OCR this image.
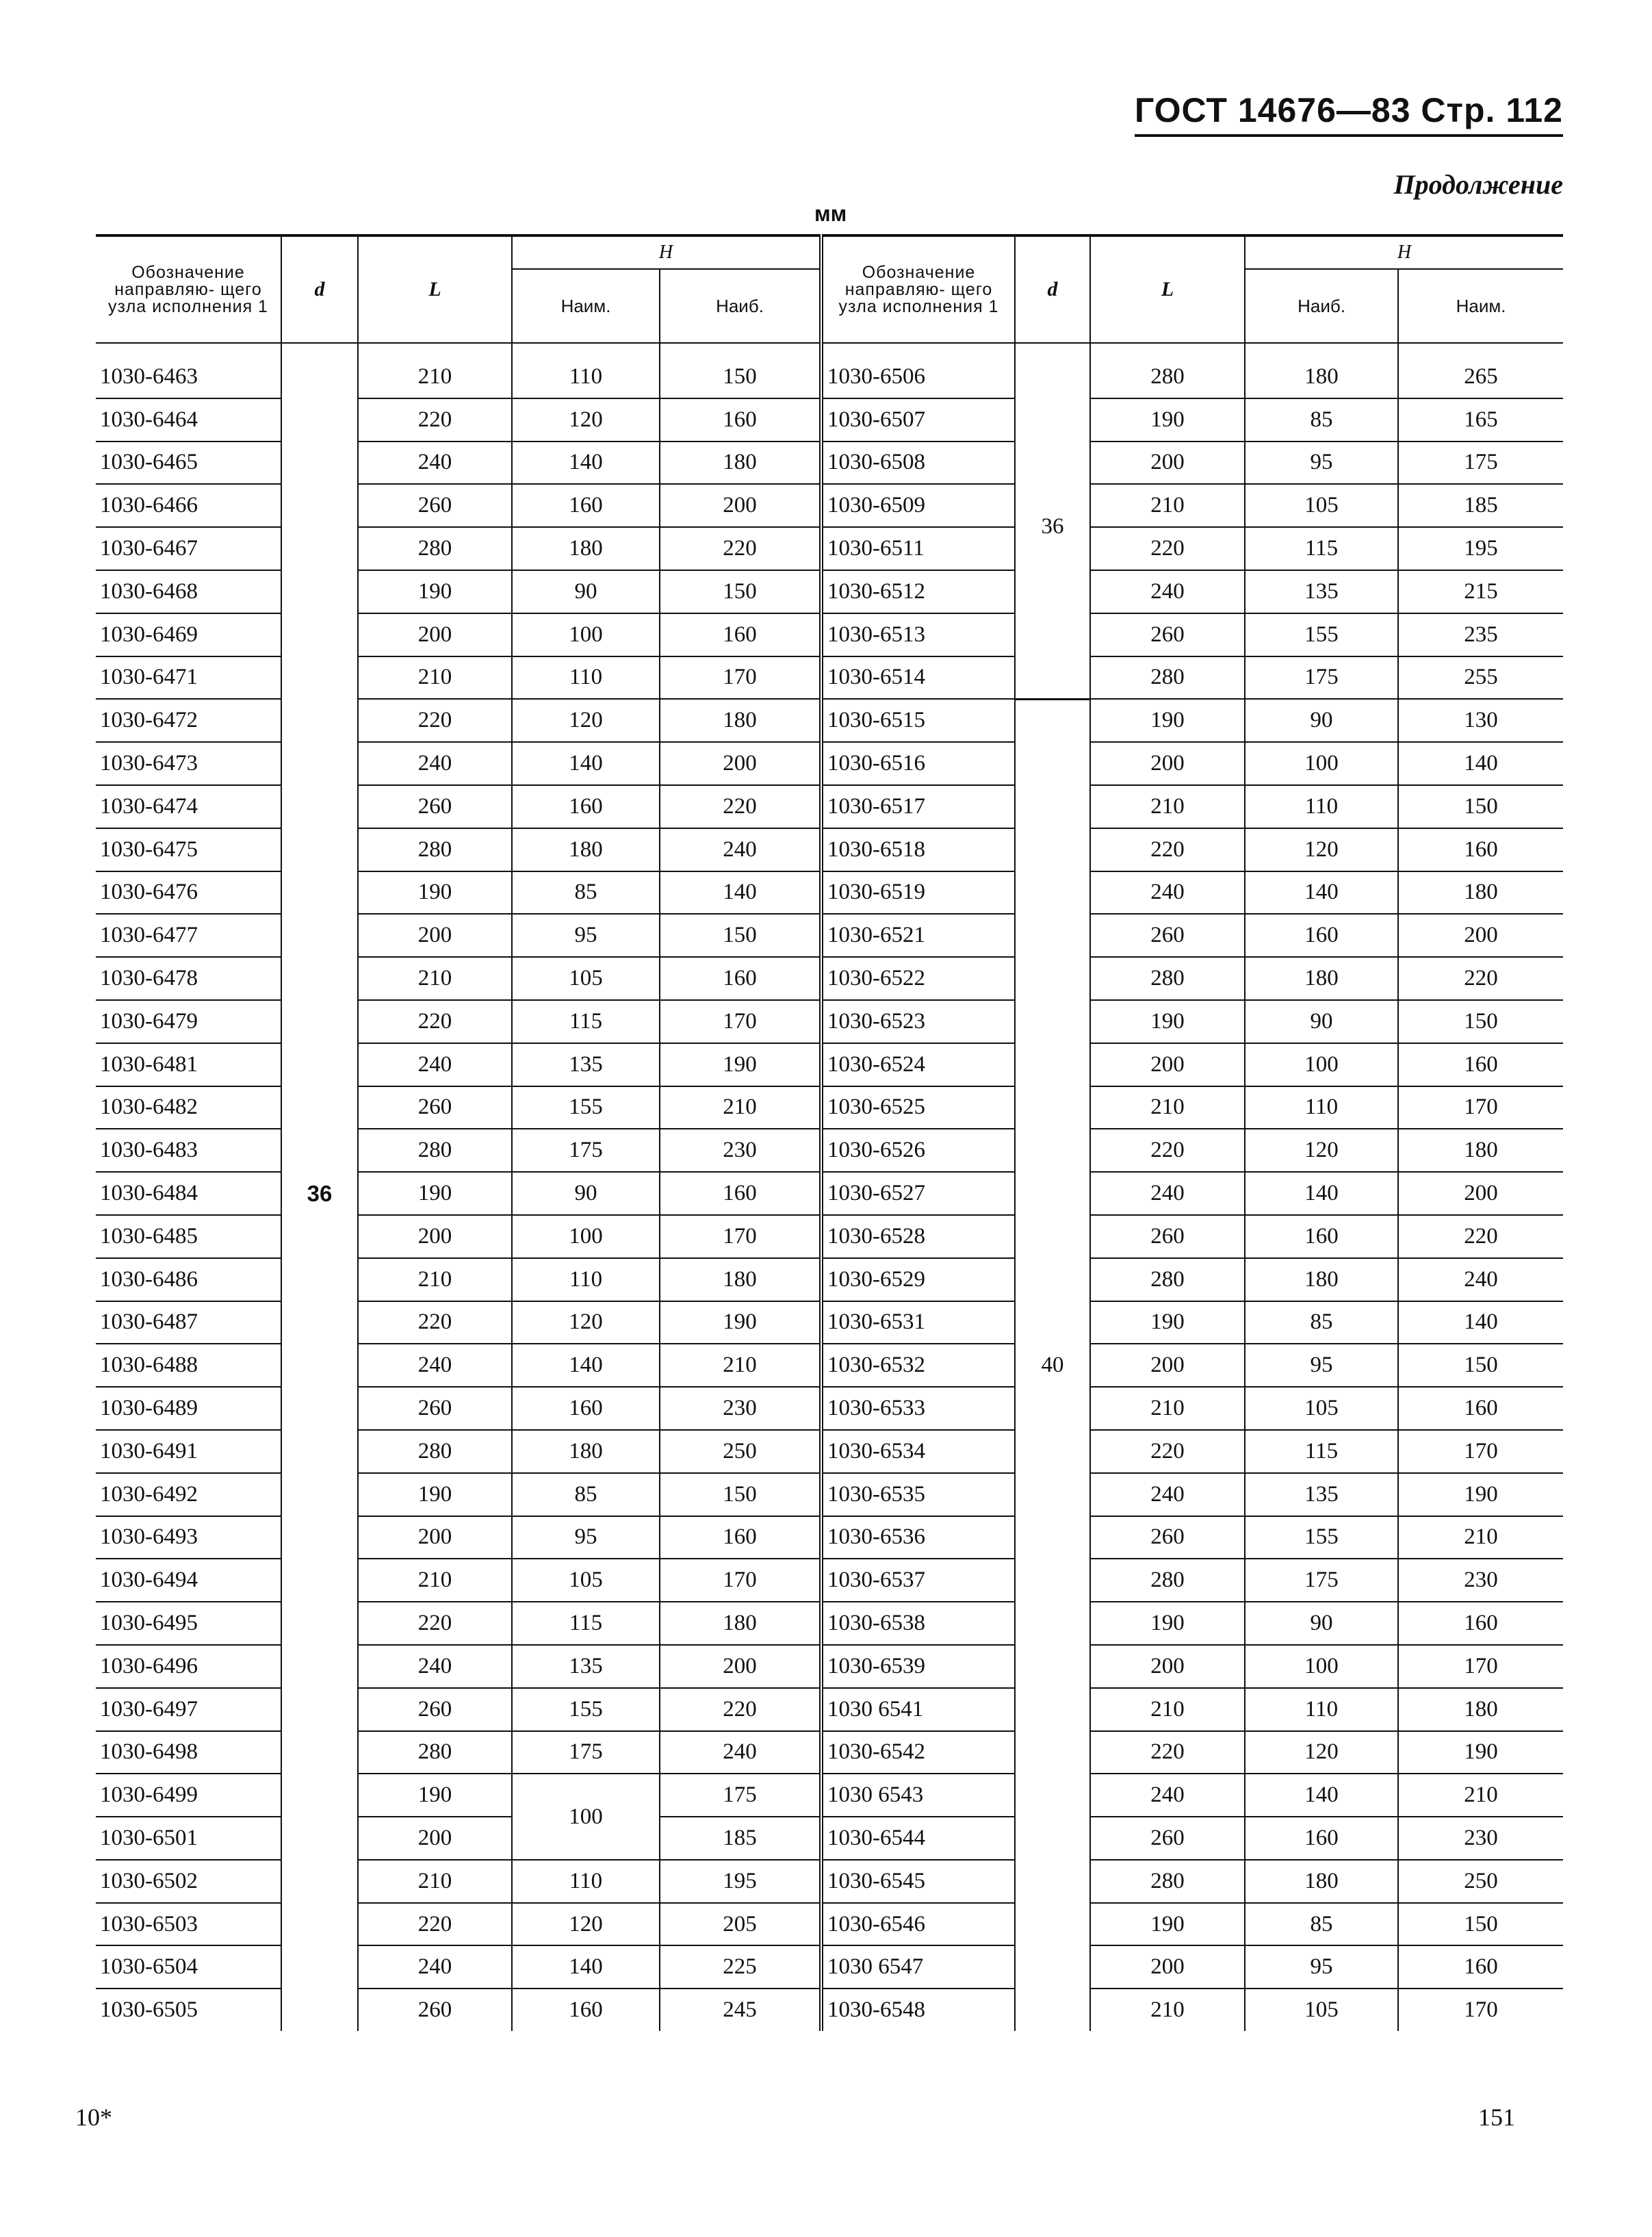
ГОСТ 14676—83 Стр. 112
Продолжение
мм
Обозначение направляю- щего узла исполнения 1	d	L	H		Обозначение направляю- щего узла исполнения 1	d	L	H	
			Наим.	Наиб.				Наиб.	Наим.

1030-6463	36	210	110	150	1030-6506	36	280	180	265
1030-6464		220	120	160	1030-6507		190	85	165
1030-6465		240	140	180	1030-6508		200	95	175
1030-6466		260	160	200	1030-6509		210	105	185
1030-6467		280	180	220	1030-6511		220	115	195
1030-6468		190	90	150	1030-6512		240	135	215
1030-6469		200	100	160	1030-6513		260	155	235
1030-6471		210	110	170	1030-6514		280	175	255
1030-6472		220	120	180	1030-6515	40	190	90	130
1030-6473		240	140	200	1030-6516		200	100	140
1030-6474		260	160	220	1030-6517		210	110	150
1030-6475		280	180	240	1030-6518		220	120	160
1030-6476		190	85	140	1030-6519		240	140	180
1030-6477		200	95	150	1030-6521		260	160	200
1030-6478		210	105	160	1030-6522		280	180	220
1030-6479		220	115	170	1030-6523		190	90	150
1030-6481		240	135	190	1030-6524		200	100	160
1030-6482		260	155	210	1030-6525		210	110	170
1030-6483		280	175	230	1030-6526		220	120	180
1030-6484		190	90	160	1030-6527		240	140	200
1030-6485		200	100	170	1030-6528		260	160	220
1030-6486		210	110	180	1030-6529		280	180	240
1030-6487		220	120	190	1030-6531		190	85	140
1030-6488		240	140	210	1030-6532		200	95	150
1030-6489		260	160	230	1030-6533		210	105	160
1030-6491		280	180	250	1030-6534		220	115	170
1030-6492		190	85	150	1030-6535		240	135	190
1030-6493		200	95	160	1030-6536		260	155	210
1030-6494		210	105	170	1030-6537		280	175	230
1030-6495		220	115	180	1030-6538		190	90	160
1030-6496		240	135	200	1030-6539		200	100	170
1030-6497		260	155	220	1030 6541		210	110	180
1030-6498		280	175	240	1030-6542		220	120	190
1030-6499		190	100	175	1030 6543		240	140	210
1030-6501		200		185	1030-6544		260	160	230
1030-6502		210	110	195	1030-6545		280	180	250
1030-6503		220	120	205	1030-6546		190	85	150
1030-6504		240	140	225	1030 6547		200	95	160
1030-6505		260	160	245	1030-6548		210	105	170
10*	151
